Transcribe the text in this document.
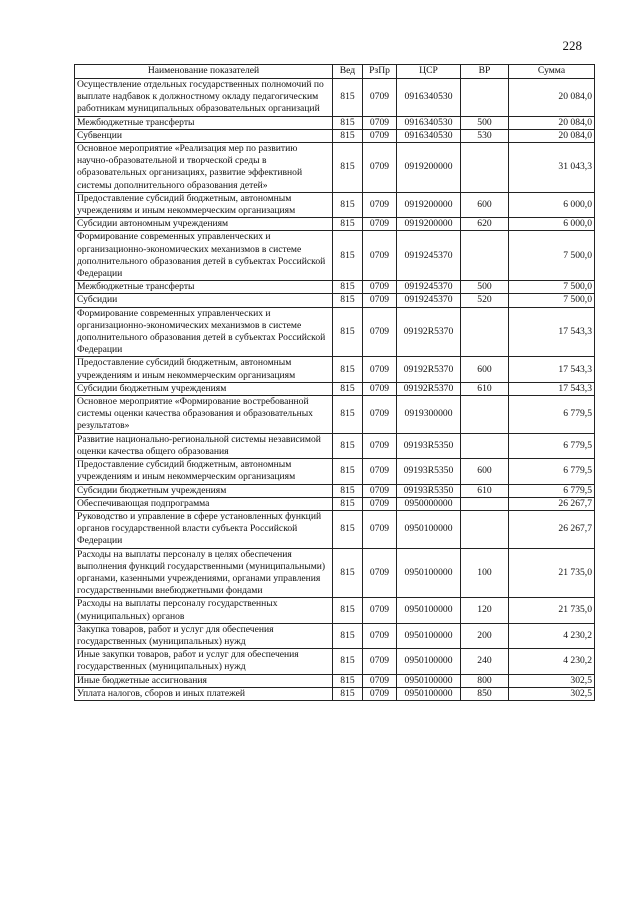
228
Наименование показателей	Вед	РзПр	ЦСР	ВР	Сумма
Осуществление отдельных государственных полномочий по выплате надбавок к должностному окладу педагогическим работникам муниципальных образовательных организаций	815	0709	0916340530		20 084,0
Межбюджетные трансферты	815	0709	0916340530	500	20 084,0
Субвенции	815	0709	0916340530	530	20 084,0
Основное мероприятие «Реализация мер по развитию научно-образовательной и творческой среды в образовательных организациях, развитие эффективной системы дополнительного образования детей»	815	0709	0919200000		31 043,3
Предоставление субсидий бюджетным, автономным учреждениям и иным некоммерческим организациям	815	0709	0919200000	600	6 000,0
Субсидии автономным учреждениям	815	0709	0919200000	620	6 000,0
Формирование современных управленческих и организационно-экономических механизмов в системе дополнительного образования детей в субъектах Российской Федерации	815	0709	0919245370		7 500,0
Межбюджетные трансферты	815	0709	0919245370	500	7 500,0
Субсидии	815	0709	0919245370	520	7 500,0
Формирование современных управленческих и организационно-экономических механизмов в системе дополнительного образования детей в субъектах Российской Федерации	815	0709	09192R5370		17 543,3
Предоставление субсидий бюджетным, автономным учреждениям и иным некоммерческим организациям	815	0709	09192R5370	600	17 543,3
Субсидии бюджетным учреждениям	815	0709	09192R5370	610	17 543,3
Основное мероприятие «Формирование востребованной системы оценки качества образования и образовательных результатов»	815	0709	0919300000		6 779,5
Развитие национально-региональной системы независимой оценки качества общего образования	815	0709	09193R5350		6 779,5
Предоставление субсидий бюджетным, автономным учреждениям и иным некоммерческим организациям	815	0709	09193R5350	600	6 779,5
Субсидии бюджетным учреждениям	815	0709	09193R5350	610	6 779,5
Обеспечивающая подпрограмма	815	0709	0950000000		26 267,7
Руководство и управление в сфере установленных функций органов государственной власти субъекта Российской Федерации	815	0709	0950100000		26 267,7
Расходы на выплаты персоналу в целях обеспечения выполнения функций государственными (муниципальными) органами, казенными учреждениями, органами управления государственными внебюджетными фондами	815	0709	0950100000	100	21 735,0
Расходы на выплаты персоналу государственных (муниципальных) органов	815	0709	0950100000	120	21 735,0
Закупка товаров, работ и услуг для обеспечения государственных (муниципальных) нужд	815	0709	0950100000	200	4 230,2
Иные закупки товаров, работ и услуг для обеспечения государственных (муниципальных) нужд	815	0709	0950100000	240	4 230,2
Иные бюджетные ассигнования	815	0709	0950100000	800	302,5
Уплата налогов, сборов и иных платежей	815	0709	0950100000	850	302,5
